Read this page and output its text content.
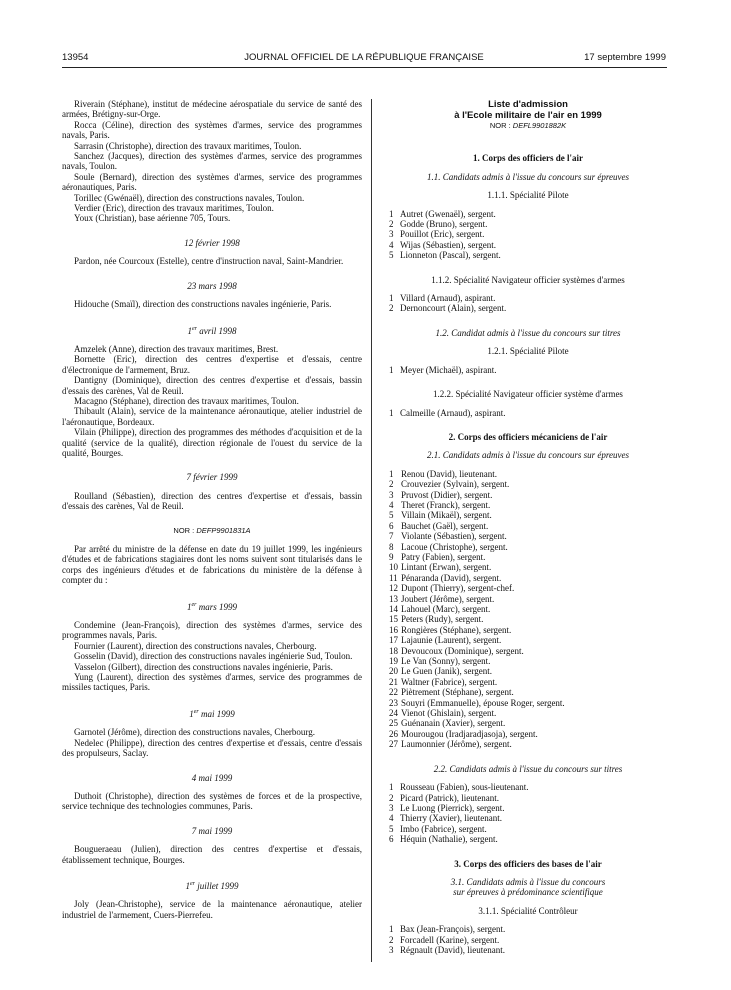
13954	JOURNAL OFFICIEL DE LA RÉPUBLIQUE FRANÇAISE	17 septembre 1999

Riverain (Stéphane), institut de médecine aérospatiale du service de santé des armées, Brétigny-sur-Orge.

Rocca (Céline), direction des systèmes d'armes, service des programmes navals, Paris.

Sarrasin (Christophe), direction des travaux maritimes, Toulon.

Sanchez (Jacques), direction des systèmes d'armes, service des programmes navals, Toulon.

Soule (Bernard), direction des systèmes d'armes, service des programmes aéronautiques, Paris.

Torillec (Gwénaël), direction des constructions navales, Toulon.

Verdier (Eric), direction des travaux maritimes, Toulon.

Youx (Christian), base aérienne 705, Tours.

12 février 1998

Pardon, née Courcoux (Estelle), centre d'instruction naval, Saint-Mandrier.

23 mars 1998

Hidouche (Smaïl), direction des constructions navales ingénierie, Paris.

1er avril 1998

Amzelek (Anne), direction des travaux maritimes, Brest.

Bornette (Eric), direction des centres d'expertise et d'essais, centre d'électronique de l'armement, Bruz.

Dantigny (Dominique), direction des centres d'expertise et d'essais, bassin d'essais des carènes, Val de Reuil.

Macagno (Stéphane), direction des travaux maritimes, Toulon.

Thibault (Alain), service de la maintenance aéronautique, atelier industriel de l'aéronautique, Bordeaux.

Vilain (Philippe), direction des programmes des méthodes d'acquisition et de la qualité (service de la qualité), direction régionale de l'ouest du service de la qualité, Bourges.

7 février 1999

Roulland (Sébastien), direction des centres d'expertise et d'essais, bassin d'essais des carènes, Val de Reuil.

NOR : DEFP9901831A

Par arrêté du ministre de la défense en date du 19 juillet 1999, les ingénieurs d'études et de fabrications stagiaires dont les noms suivent sont titularisés dans le corps des ingénieurs d'études et de fabrications du ministère de la défense à compter du :

1er mars 1999

Condemine (Jean-François), direction des systèmes d'armes, service des programmes navals, Paris.

Fournier (Laurent), direction des constructions navales, Cherbourg.

Gosselin (David), direction des constructions navales ingénierie Sud, Toulon.

Vasselon (Gilbert), direction des constructions navales ingénierie, Paris.

Yung (Laurent), direction des systèmes d'armes, service des programmes de missiles tactiques, Paris.

1er mai 1999

Garnotel (Jérôme), direction des constructions navales, Cherbourg.

Nedelec (Philippe), direction des centres d'expertise et d'essais, centre d'essais des propulseurs, Saclay.

4 mai 1999

Duthoit (Christophe), direction des systèmes de forces et de la prospective, service technique des technologies communes, Paris.

7 mai 1999

Bougueraeau (Julien), direction des centres d'expertise et d'essais, établissement technique, Bourges.

1er juillet 1999

Joly (Jean-Christophe), service de la maintenance aéronautique, atelier industriel de l'armement, Cuers-Pierrefeu.

Liste d'admission

à l'Ecole militaire de l'air en 1999

NOR : DEFL9901882K

1. Corps des officiers de l'air

1.1. Candidats admis à l'issue du concours sur épreuves

1.1.1. Spécialité Pilote

1 Autret (Gwenaël), sergent.

2 Godde (Bruno), sergent.

3 Pouillot (Eric), sergent.

4 Wijas (Sébastien), sergent.

5 Lionneton (Pascal), sergent.

1.1.2. Spécialité Navigateur officier systèmes d'armes

1 Villard (Arnaud), aspirant.

2 Dernoncourt (Alain), sergent.

1.2. Candidat admis à l'issue du concours sur titres

1.2.1. Spécialité Pilote

1 Meyer (Michaël), aspirant.

1.2.2. Spécialité Navigateur officier système d'armes

1 Calmeille (Arnaud), aspirant.

2. Corps des officiers mécaniciens de l'air

2.1. Candidats admis à l'issue du concours sur épreuves

1 Renou (David), lieutenant.

2 Crouvezier (Sylvain), sergent.

3 Pruvost (Didier), sergent.

4 Theret (Franck), sergent.

5 Villain (Mikaël), sergent.

6 Bauchet (Gaël), sergent.

7 Violante (Sébastien), sergent.

8 Lacoue (Christophe), sergent.

9 Patry (Fabien), sergent.

10 Lintant (Erwan), sergent.

11 Pénaranda (David), sergent.

12 Dupont (Thierry), sergent-chef.

13 Joubert (Jérôme), sergent.

14 Lahouel (Marc), sergent.

15 Peters (Rudy), sergent.

16 Rongières (Stéphane), sergent.

17 Lajaunie (Laurent), sergent.

18 Devoucoux (Dominique), sergent.

19 Le Van (Sonny), sergent.

20 Le Guen (Janik), sergent.

21 Waltner (Fabrice), sergent.

22 Piètrement (Stéphane), sergent.

23 Souyri (Emmanuelle), épouse Roger, sergent.

24 Vienot (Ghislain), sergent.

25 Guénanain (Xavier), sergent.

26 Mourougou (Iradjaradjasoja), sergent.

27 Laumonnier (Jérôme), sergent.

2.2. Candidats admis à l'issue du concours sur titres

1 Rousseau (Fabien), sous-lieutenant.

2 Picard (Patrick), lieutenant.

3 Le Luong (Pierrick), sergent.

4 Thierry (Xavier), lieutenant.

5 Imbo (Fabrice), sergent.

6 Héquin (Nathalie), sergent.

3. Corps des officiers des bases de l'air

3.1. Candidats admis à l'issue du concours

sur épreuves à prédominance scientifique

3.1.1. Spécialité Contrôleur

1 Bax (Jean-François), sergent.

2 Forcadell (Karine), sergent.

3 Régnault (David), lieutenant.
